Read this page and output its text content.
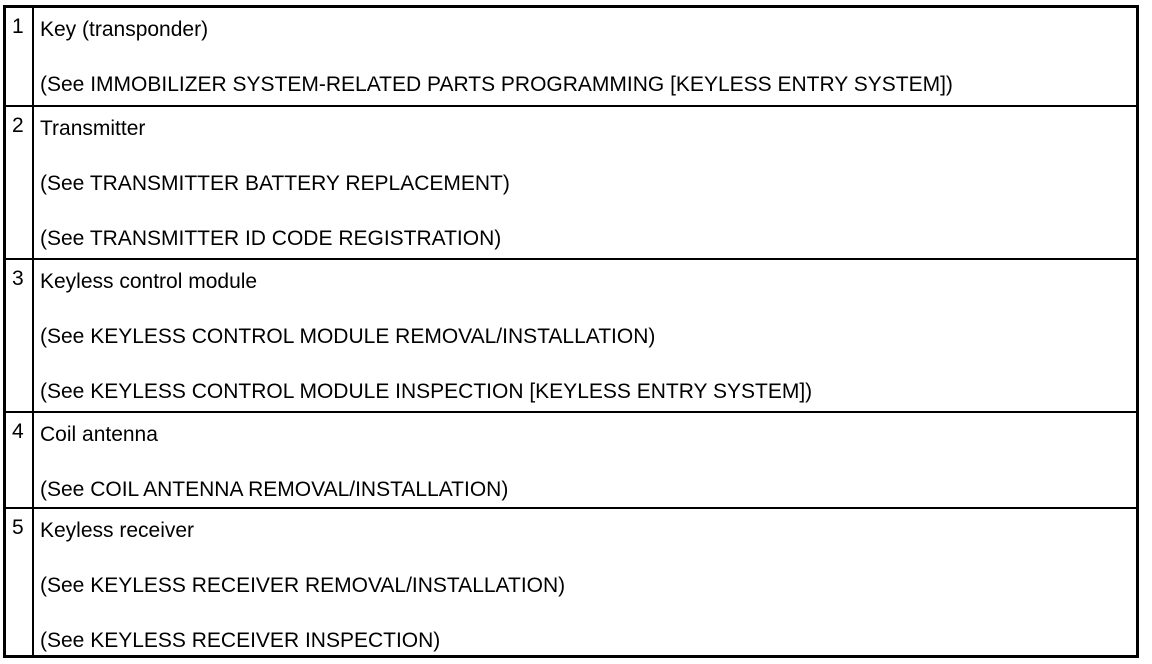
1	Key (transponder)
(See IMMOBILIZER SYSTEM-RELATED PARTS PROGRAMMING [KEYLESS ENTRY SYSTEM])

2	Transmitter
(See TRANSMITTER BATTERY REPLACEMENT)
(See TRANSMITTER ID CODE REGISTRATION)

3	Keyless control module
(See KEYLESS CONTROL MODULE REMOVAL/INSTALLATION)
(See KEYLESS CONTROL MODULE INSPECTION [KEYLESS ENTRY SYSTEM])

4	Coil antenna
(See COIL ANTENNA REMOVAL/INSTALLATION)

5	Keyless receiver
(See KEYLESS RECEIVER REMOVAL/INSTALLATION)
(See KEYLESS RECEIVER INSPECTION)
